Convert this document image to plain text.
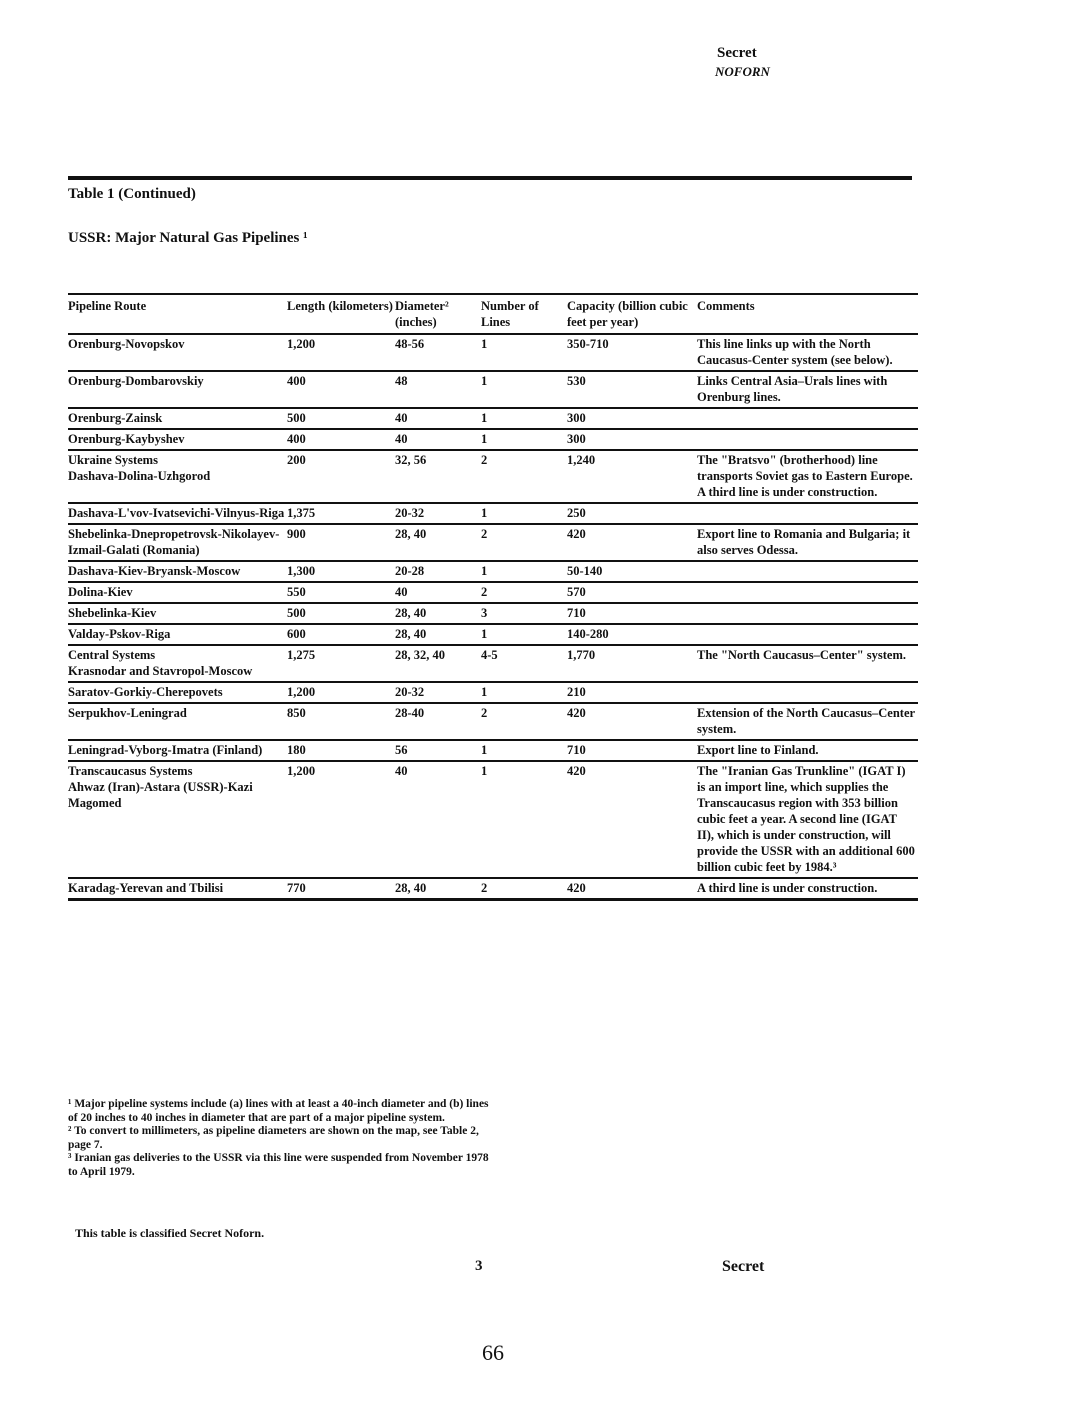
Secret
NOFORN
Table 1 (Continued)
USSR: Major Natural Gas Pipelines ¹
Pipeline Route	Length (kilometers)	Diameter² (inches)	Number of Lines	Capacity (billion cubic feet per year)	Comments
Orenburg-Novopskov	1,200	48-56	1	350-710	This line links up with the North Caucasus-Center system (see below).
Orenburg-Dombarovskiy	400	48	1	530	Links Central Asia–Urals lines with Orenburg lines.
Orenburg-Zainsk	500	40	1	300	
Orenburg-Kaybyshev	400	40	1	300	

Ukraine Systems
Dashava-Dolina-Uzhgorod	200	32, 56	2	1,240	The "Bratsvo" (brotherhood) line transports Soviet gas to Eastern Europe. A third line is under construction.
Dashava-L'vov-Ivatsevichi-Vilnyus-Riga	1,375	20-32	1	250	
Shebelinka-Dnepropetrovsk-Nikolayev-Izmail-Galati (Romania)	900	28, 40	2	420	Export line to Romania and Bulgaria; it also serves Odessa.
Dashava-Kiev-Bryansk-Moscow	1,300	20-28	1	50-140	
Dolina-Kiev	550	40	2	570	
Shebelinka-Kiev	500	28, 40	3	710	
Valday-Pskov-Riga	600	28, 40	1	140-280	

Central Systems
Krasnodar and Stavropol-Moscow	1,275	28, 32, 40	4-5	1,770	The "North Caucasus–Center" system.
Saratov-Gorkiy-Cherepovets	1,200	20-32	1	210	
Serpukhov-Leningrad	850	28-40	2	420	Extension of the North Caucasus–Center system.
Leningrad-Vyborg-Imatra (Finland)	180	56	1	710	Export line to Finland.

Transcaucasus Systems
Ahwaz (Iran)-Astara (USSR)-Kazi Magomed	1,200	40	1	420	The "Iranian Gas Trunkline" (IGAT I) is an import line, which supplies the Transcaucasus region with 353 billion cubic feet a year. A second line (IGAT II), which is under construction, will provide the USSR with an additional 600 billion cubic feet by 1984.³
Karadag-Yerevan and Tbilisi	770	28, 40	2	420	A third line is under construction.

¹ Major pipeline systems include (a) lines with at least a 40-inch diameter and (b) lines of 20 inches to 40 inches in diameter that are part of a major pipeline system.

² To convert to millimeters, as pipeline diameters are shown on the map, see Table 2, page 7.

³ Iranian gas deliveries to the USSR via this line were suspended from November 1978 to April 1979.

This table is classified Secret Noforn.
3	Secret
66
